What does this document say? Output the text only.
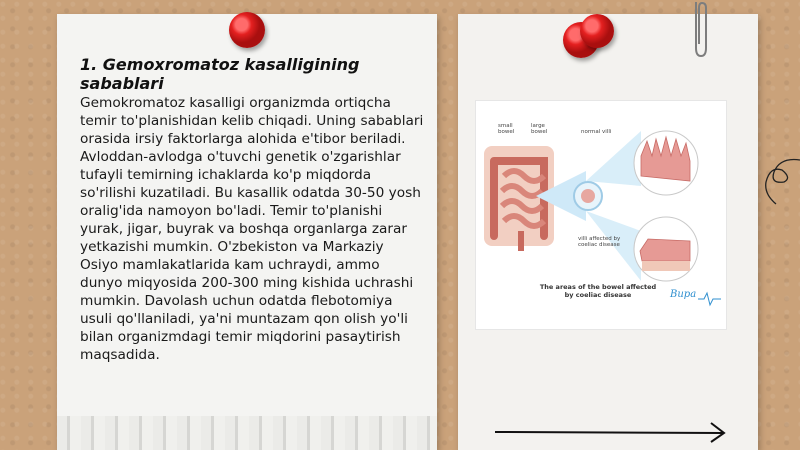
1. Gemoxromatoz kasalligining sabablari

Gemokromatoz kasalligi organizmda ortiqcha temir to'planishidan kelib chiqadi. Uning sabablari orasida irsiy faktorlarga alohida e'tibor beriladi. Avloddan-avlodga o'tuvchi genetik o'zgarishlar tufayli temirning ichaklarda ko'p miqdorda so'rilishi kuzatiladi. Bu kasallik odatda 30-50 yosh oralig'ida namoyon bo'ladi. Temir to'planishi yurak, jigar, buyrak va boshqa organlarga zarar yetkazishi mumkin. O'zbekiston va Markaziy Osiyo mamlakatlarida kam uchraydi, ammo dunyo miqyosida 200-300 ming kishida uchrashi mumkin. Davolash uchun odatda flebotomiya usuli qo'llaniladi, ya'ni muntazam qon olish yo'li bilan organizmdagi temir miqdorini pasaytirish maqsadida.

small bowel
large bowel	normal villi
villi affected by coeliac disease
The areas of the bowel affected by coeliac disease	Bupa
